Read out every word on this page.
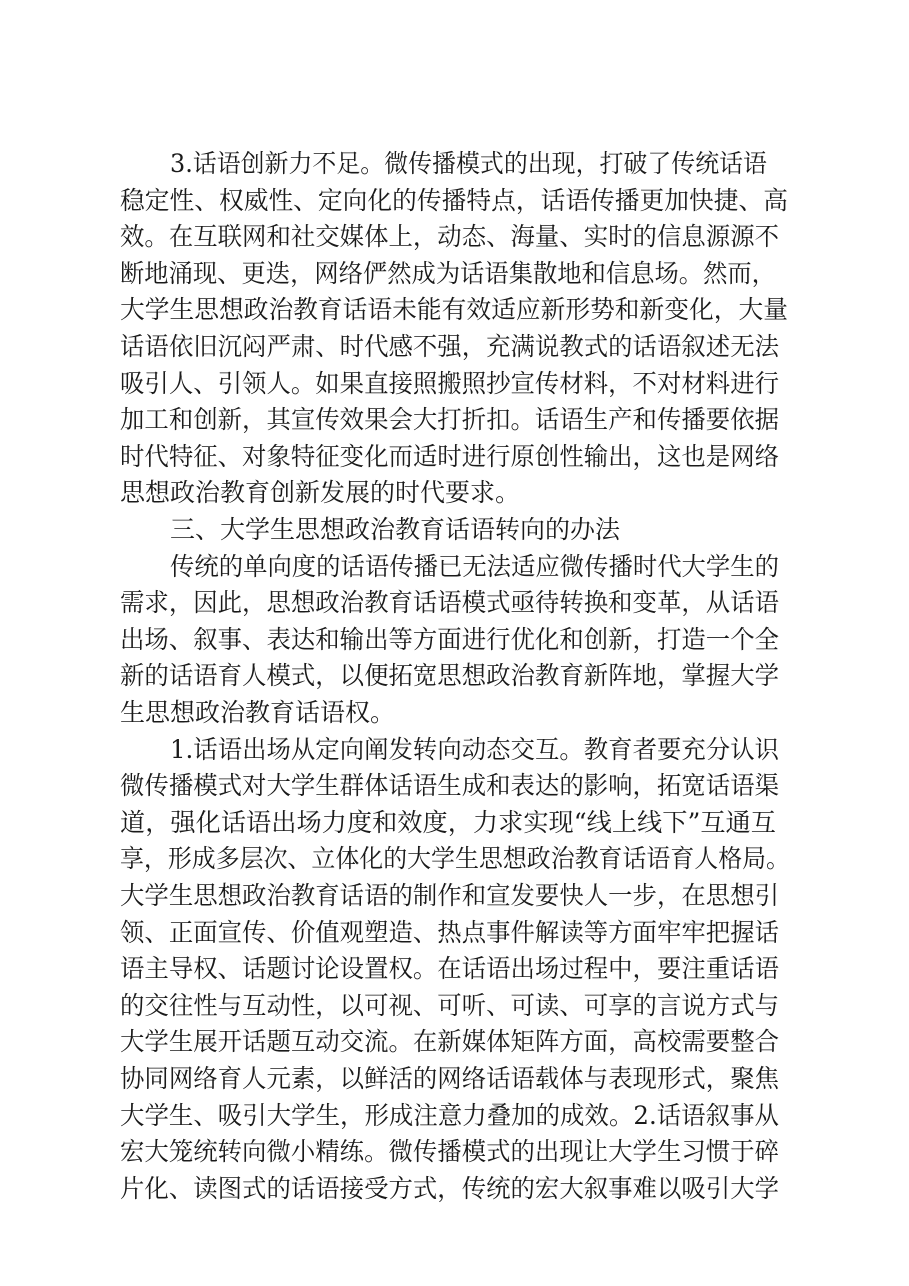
3.话语创新力不足。微传播模式的出现，打破了传统话语
稳定性、权威性、定向化的传播特点，话语传播更加快捷、高
效。在互联网和社交媒体上，动态、海量、实时的信息源源不
断地涌现、更迭，网络俨然成为话语集散地和信息场。然而，
大学生思想政治教育话语未能有效适应新形势和新变化，大量
话语依旧沉闷严肃、时代感不强，充满说教式的话语叙述无法
吸引人、引领人。如果直接照搬照抄宣传材料，不对材料进行
加工和创新，其宣传效果会大打折扣。话语生产和传播要依据
时代特征、对象特征变化而适时进行原创性输出，这也是网络
思想政治教育创新发展的时代要求。
三、大学生思想政治教育话语转向的办法
传统的单向度的话语传播已无法适应微传播时代大学生的
需求，因此，思想政治教育话语模式亟待转换和变革，从话语
出场、叙事、表达和输出等方面进行优化和创新，打造一个全
新的话语育人模式，以便拓宽思想政治教育新阵地，掌握大学
生思想政治教育话语权。
1.话语出场从定向阐发转向动态交互。教育者要充分认识
微传播模式对大学生群体话语生成和表达的影响，拓宽话语渠
道，强化话语出场力度和效度，力求实现“线上线下”互通互
享，形成多层次、立体化的大学生思想政治教育话语育人格局。
大学生思想政治教育话语的制作和宣发要快人一步，在思想引
领、正面宣传、价值观塑造、热点事件解读等方面牢牢把握话
语主导权、话题讨论设置权。在话语出场过程中，要注重话语
的交往性与互动性，以可视、可听、可读、可享的言说方式与
大学生展开话题互动交流。在新媒体矩阵方面，高校需要整合
协同网络育人元素，以鲜活的网络话语载体与表现形式，聚焦
大学生、吸引大学生，形成注意力叠加的成效。2.话语叙事从
宏大笼统转向微小精练。微传播模式的出现让大学生习惯于碎
片化、读图式的话语接受方式，传统的宏大叙事难以吸引大学
